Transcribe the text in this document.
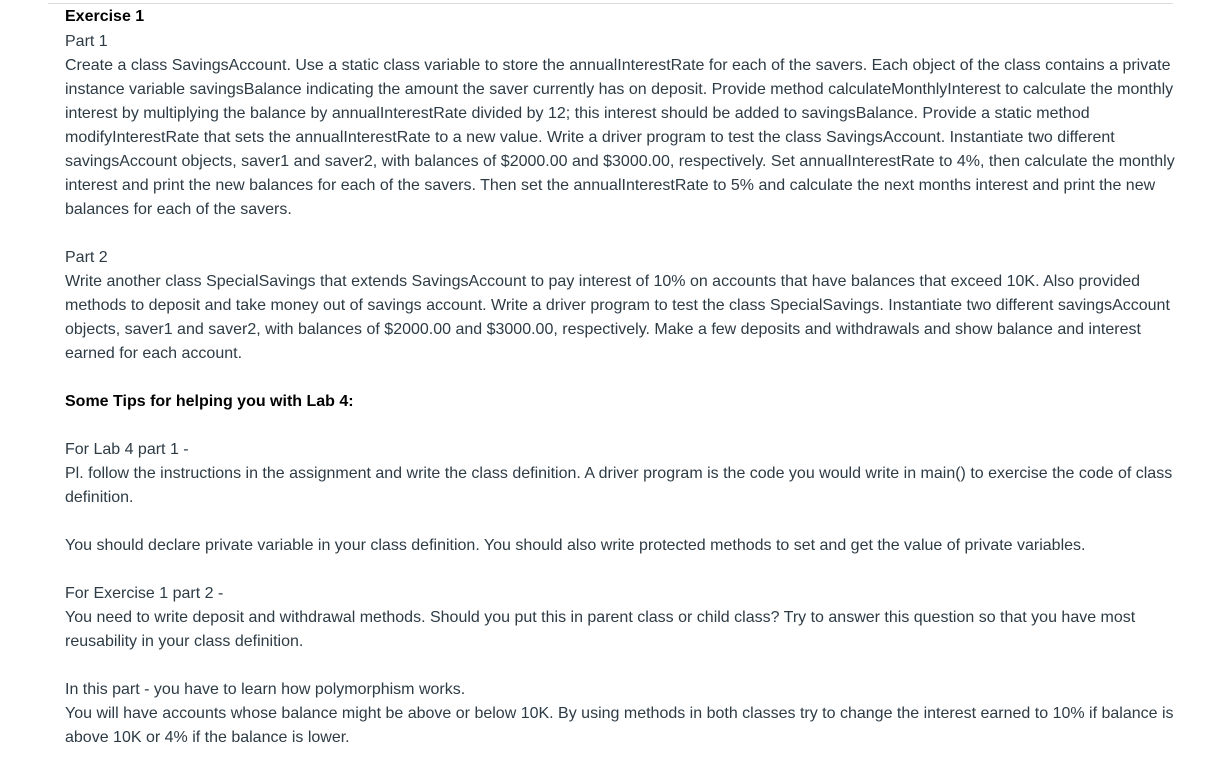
Exercise 1

Part 1

Create a class SavingsAccount. Use a static class variable to store the annualInterestRate for each of the savers. Each object of the class contains a private instance variable savingsBalance indicating the amount the saver currently has on deposit. Provide method calculateMonthlyInterest to calculate the monthly interest by multiplying the balance by annualInterestRate divided by 12; this interest should be added to savingsBalance. Provide a static method modifyInterestRate that sets the annualInterestRate to a new value. Write a driver program to test the class SavingsAccount. Instantiate two different savingsAccount objects, saver1 and saver2, with balances of $2000.00 and $3000.00, respectively. Set annualInterestRate to 4%, then calculate the monthly interest and print the new balances for each of the savers. Then set the annualInterestRate to 5% and calculate the next months interest and print the new balances for each of the savers.

Part 2

Write another class SpecialSavings that extends SavingsAccount to pay interest of 10% on accounts that have balances that exceed 10K. Also provided methods to deposit and take money out of savings account. Write a driver program to test the class SpecialSavings. Instantiate two different savingsAccount objects, saver1 and saver2, with balances of $2000.00 and $3000.00, respectively. Make a few deposits and withdrawals and show balance and interest earned for each account.

Some Tips for helping you with Lab 4:

For Lab 4 part 1 -

Pl. follow the instructions in the assignment and write the class definition. A driver program is the code you would write in main() to exercise the code of class definition.

You should declare private variable in your class definition. You should also write protected methods to set and get the value of private variables.

For Exercise 1 part 2 -

You need to write deposit and withdrawal methods. Should you put this in parent class or child class? Try to answer this question so that you have most reusability in your class definition.

In this part - you have to learn how polymorphism works.

You will have accounts whose balance might be above or below 10K. By using methods in both classes try to change the interest earned to 10% if balance is above 10K or 4% if the balance is lower.
